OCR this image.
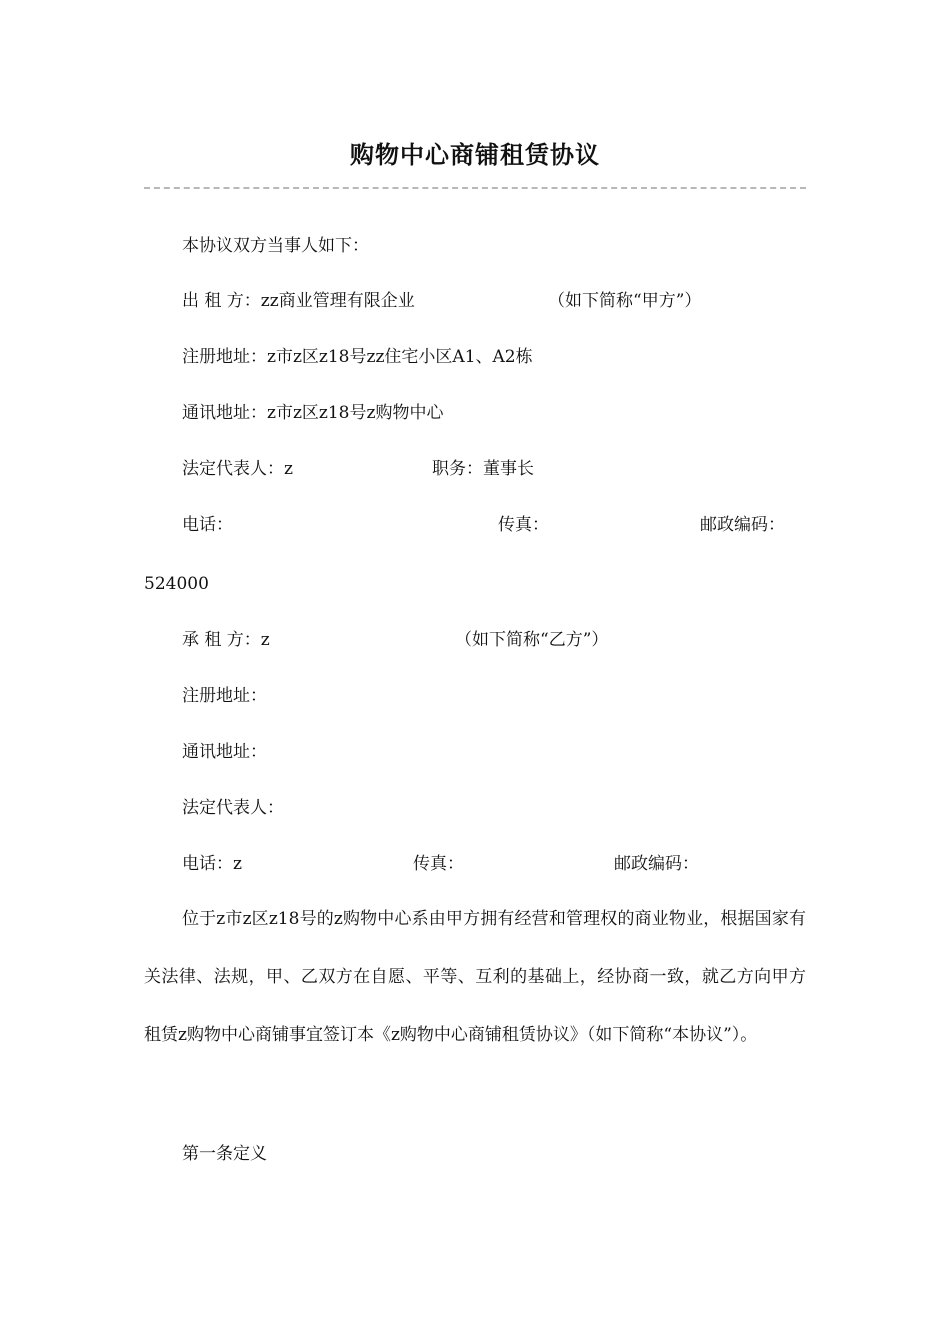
购物中心商铺租赁协议
本协议双方当事人如下：
出 租 方：zz商业管理有限企业	（如下简称“甲方”）
注册地址：z市z区z18号zz住宅小区A1、A2栋
通讯地址：z市z区z18号z购物中心
法定代表人：z	职务：董事长
电话：	传真：	邮政编码：
524000
承 租 方：z	（如下简称“乙方”）
注册地址：
通讯地址：
法定代表人：
电话：z	传真：	邮政编码：
位于z市z区z18号的z购物中心系由甲方拥有经营和管理权的商业物业，根据国家有关法律、法规，甲、乙双方在自愿、平等、互利的基础上，经协商一致，就乙方向甲方租赁z购物中心商铺事宜签订本《z购物中心商铺租赁协议》（如下简称“本协议”）。
第一条定义
